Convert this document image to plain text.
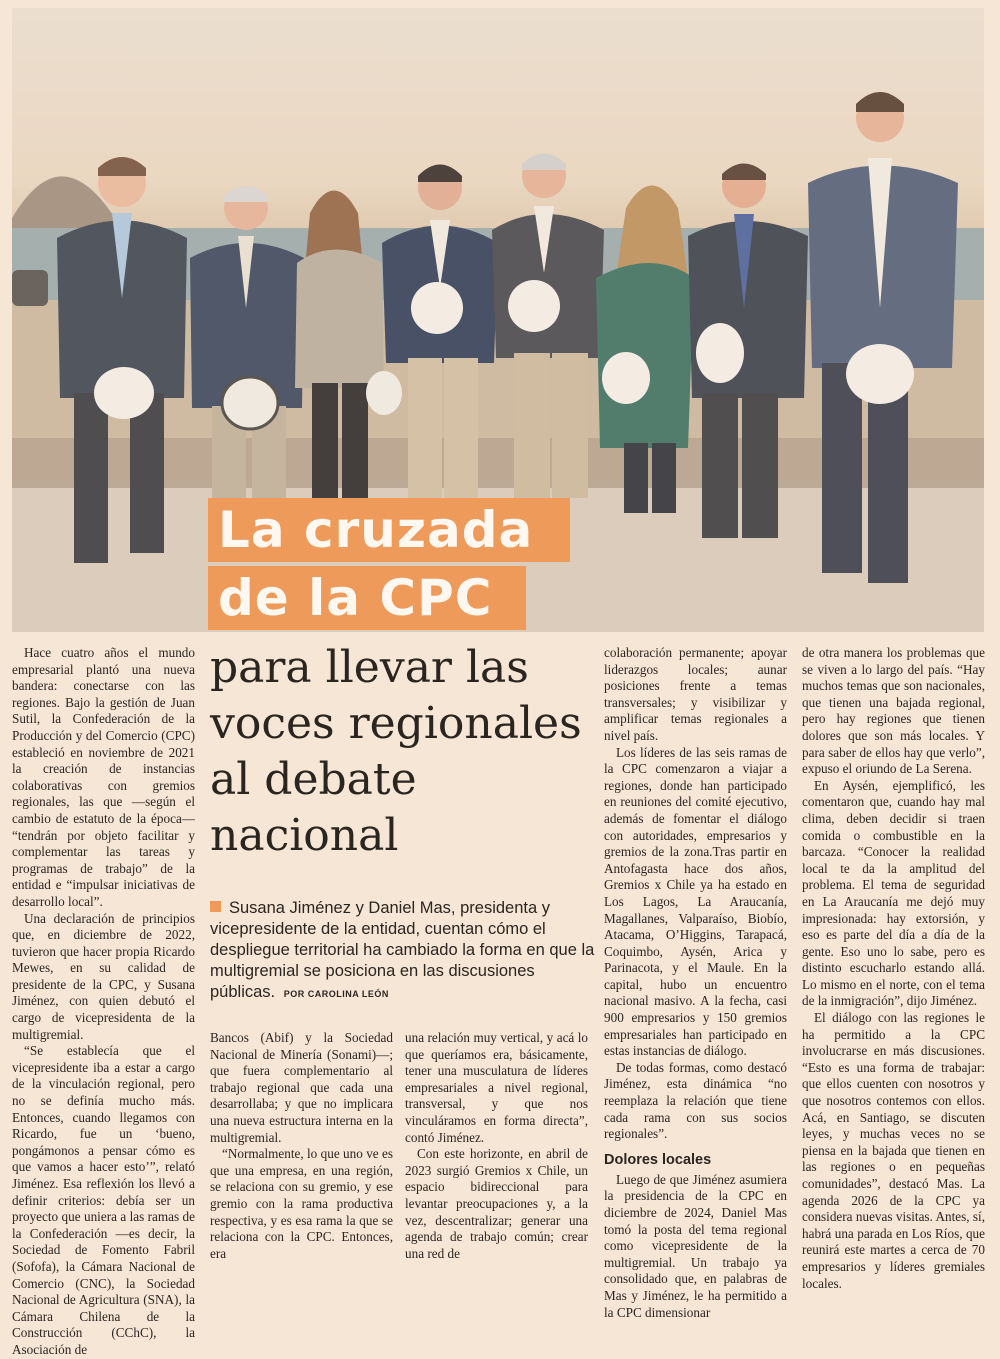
La cruzada
de la CPC
para llevar las voces regionales al debate nacional
Susana Jiménez y Daniel Mas, presidenta y vicepresidente de la entidad, cuentan cómo el despliegue territorial ha cambiado la forma en que la multigremial se posiciona en las discusiones públicas. POR CAROLINA LEÓN

Hace cuatro años el mundo empresarial plantó una nueva bandera: conectarse con las regiones. Bajo la gestión de Juan Sutil, la Confederación de la Producción y del Comercio (CPC) estableció en noviembre de 2021 la creación de instancias colaborativas con gremios regionales, las que —según el cambio de estatuto de la época— “tendrán por objeto facilitar y complementar las tareas y programas de trabajo” de la entidad e “impulsar iniciativas de desarrollo local”.

Una declaración de principios que, en diciembre de 2022, tuvieron que hacer propia Ricardo Mewes, en su calidad de presidente de la CPC, y Susana Jiménez, con quien debutó el cargo de vicepresidenta de la multigremial.

“Se establecía que el vicepresidente iba a estar a cargo de la vinculación regional, pero no se definía mucho más. Entonces, cuando llegamos con Ricardo, fue un ‘bueno, pongámonos a pensar cómo es que vamos a hacer esto’”, relató Jiménez. Esa reflexión los llevó a definir criterios: debía ser un proyecto que uniera a las ramas de la Confederación —es decir, la Sociedad de Fomento Fabril (Sofofa), la Cámara Nacional de Comercio (CNC), la Sociedad Nacional de Agricultura (SNA), la Cámara Chilena de la Construcción (CChC), la Asociación de

Bancos (Abif) y la Sociedad Nacional de Minería (Sonami)—; que fuera complementario al trabajo regional que cada una desarrollaba; y que no implicara una nueva estructura interna en la multigremial.

“Normalmente, lo que uno ve es que una empresa, en una región, se relaciona con su gremio, y ese gremio con la rama productiva respectiva, y es esa rama la que se relaciona con la CPC. Entonces, era

una relación muy vertical, y acá lo que queríamos era, básicamente, tener una musculatura de líderes empresariales a nivel regional, transversal, y que nos vinculáramos en forma directa”, contó Jiménez.

Con este horizonte, en abril de 2023 surgió Gremios x Chile, un espacio bidireccional para levantar preocupaciones y, a la vez, descentralizar; generar una agenda de trabajo común; crear una red de

colaboración permanente; apoyar liderazgos locales; aunar posiciones frente a temas transversales; y visibilizar y amplificar temas regionales a nivel país.

Los líderes de las seis ramas de la CPC comenzaron a viajar a regiones, donde han participado en reuniones del comité ejecutivo, además de fomentar el diálogo con autoridades, empresarios y gremios de la zona.Tras partir en Antofagasta hace dos años, Gremios x Chile ya ha estado en Los Lagos, La Araucanía, Magallanes, Valparaíso, Biobío, Atacama, O’Higgins, Tarapacá, Coquimbo, Aysén, Arica y Parinacota, y el Maule. En la capital, hubo un encuentro nacional masivo. A la fecha, casi 900 empresarios y 150 gremios empresariales han participado en estas instancias de diálogo.

De todas formas, como destacó Jiménez, esta dinámica “no reemplaza la relación que tiene cada rama con sus socios regionales”.

Dolores locales

Luego de que Jiménez asumiera la presidencia de la CPC en diciembre de 2024, Daniel Mas tomó la posta del tema regional como vicepresidente de la multigremial. Un trabajo ya consolidado que, en palabras de Mas y Jiménez, le ha permitido a la CPC dimensionar

de otra manera los problemas que se viven a lo largo del país. “Hay muchos temas que son nacionales, que tienen una bajada regional, pero hay regiones que tienen dolores que son más locales. Y para saber de ellos hay que verlo”, expuso el oriundo de La Serena.

En Aysén, ejemplificó, les comentaron que, cuando hay mal clima, deben decidir si traen comida o combustible en la barcaza. “Conocer la realidad local te da la amplitud del problema. El tema de seguridad en La Araucanía me dejó muy impresionada: hay extorsión, y eso es parte del día a día de la gente. Eso uno lo sabe, pero es distinto escucharlo estando allá. Lo mismo en el norte, con el tema de la inmigración”, dijo Jiménez.

El diálogo con las regiones le ha permitido a la CPC involucrarse en más discusiones. “Esto es una forma de trabajar: que ellos cuenten con nosotros y que nosotros contemos con ellos. Acá, en Santiago, se discuten leyes, y muchas veces no se piensa en la bajada que tienen en las regiones o en pequeñas comunidades”, destacó Mas. La agenda 2026 de la CPC ya considera nuevas visitas. Antes, sí, habrá una parada en Los Ríos, que reunirá este martes a cerca de 70 empresarios y líderes gremiales locales.
